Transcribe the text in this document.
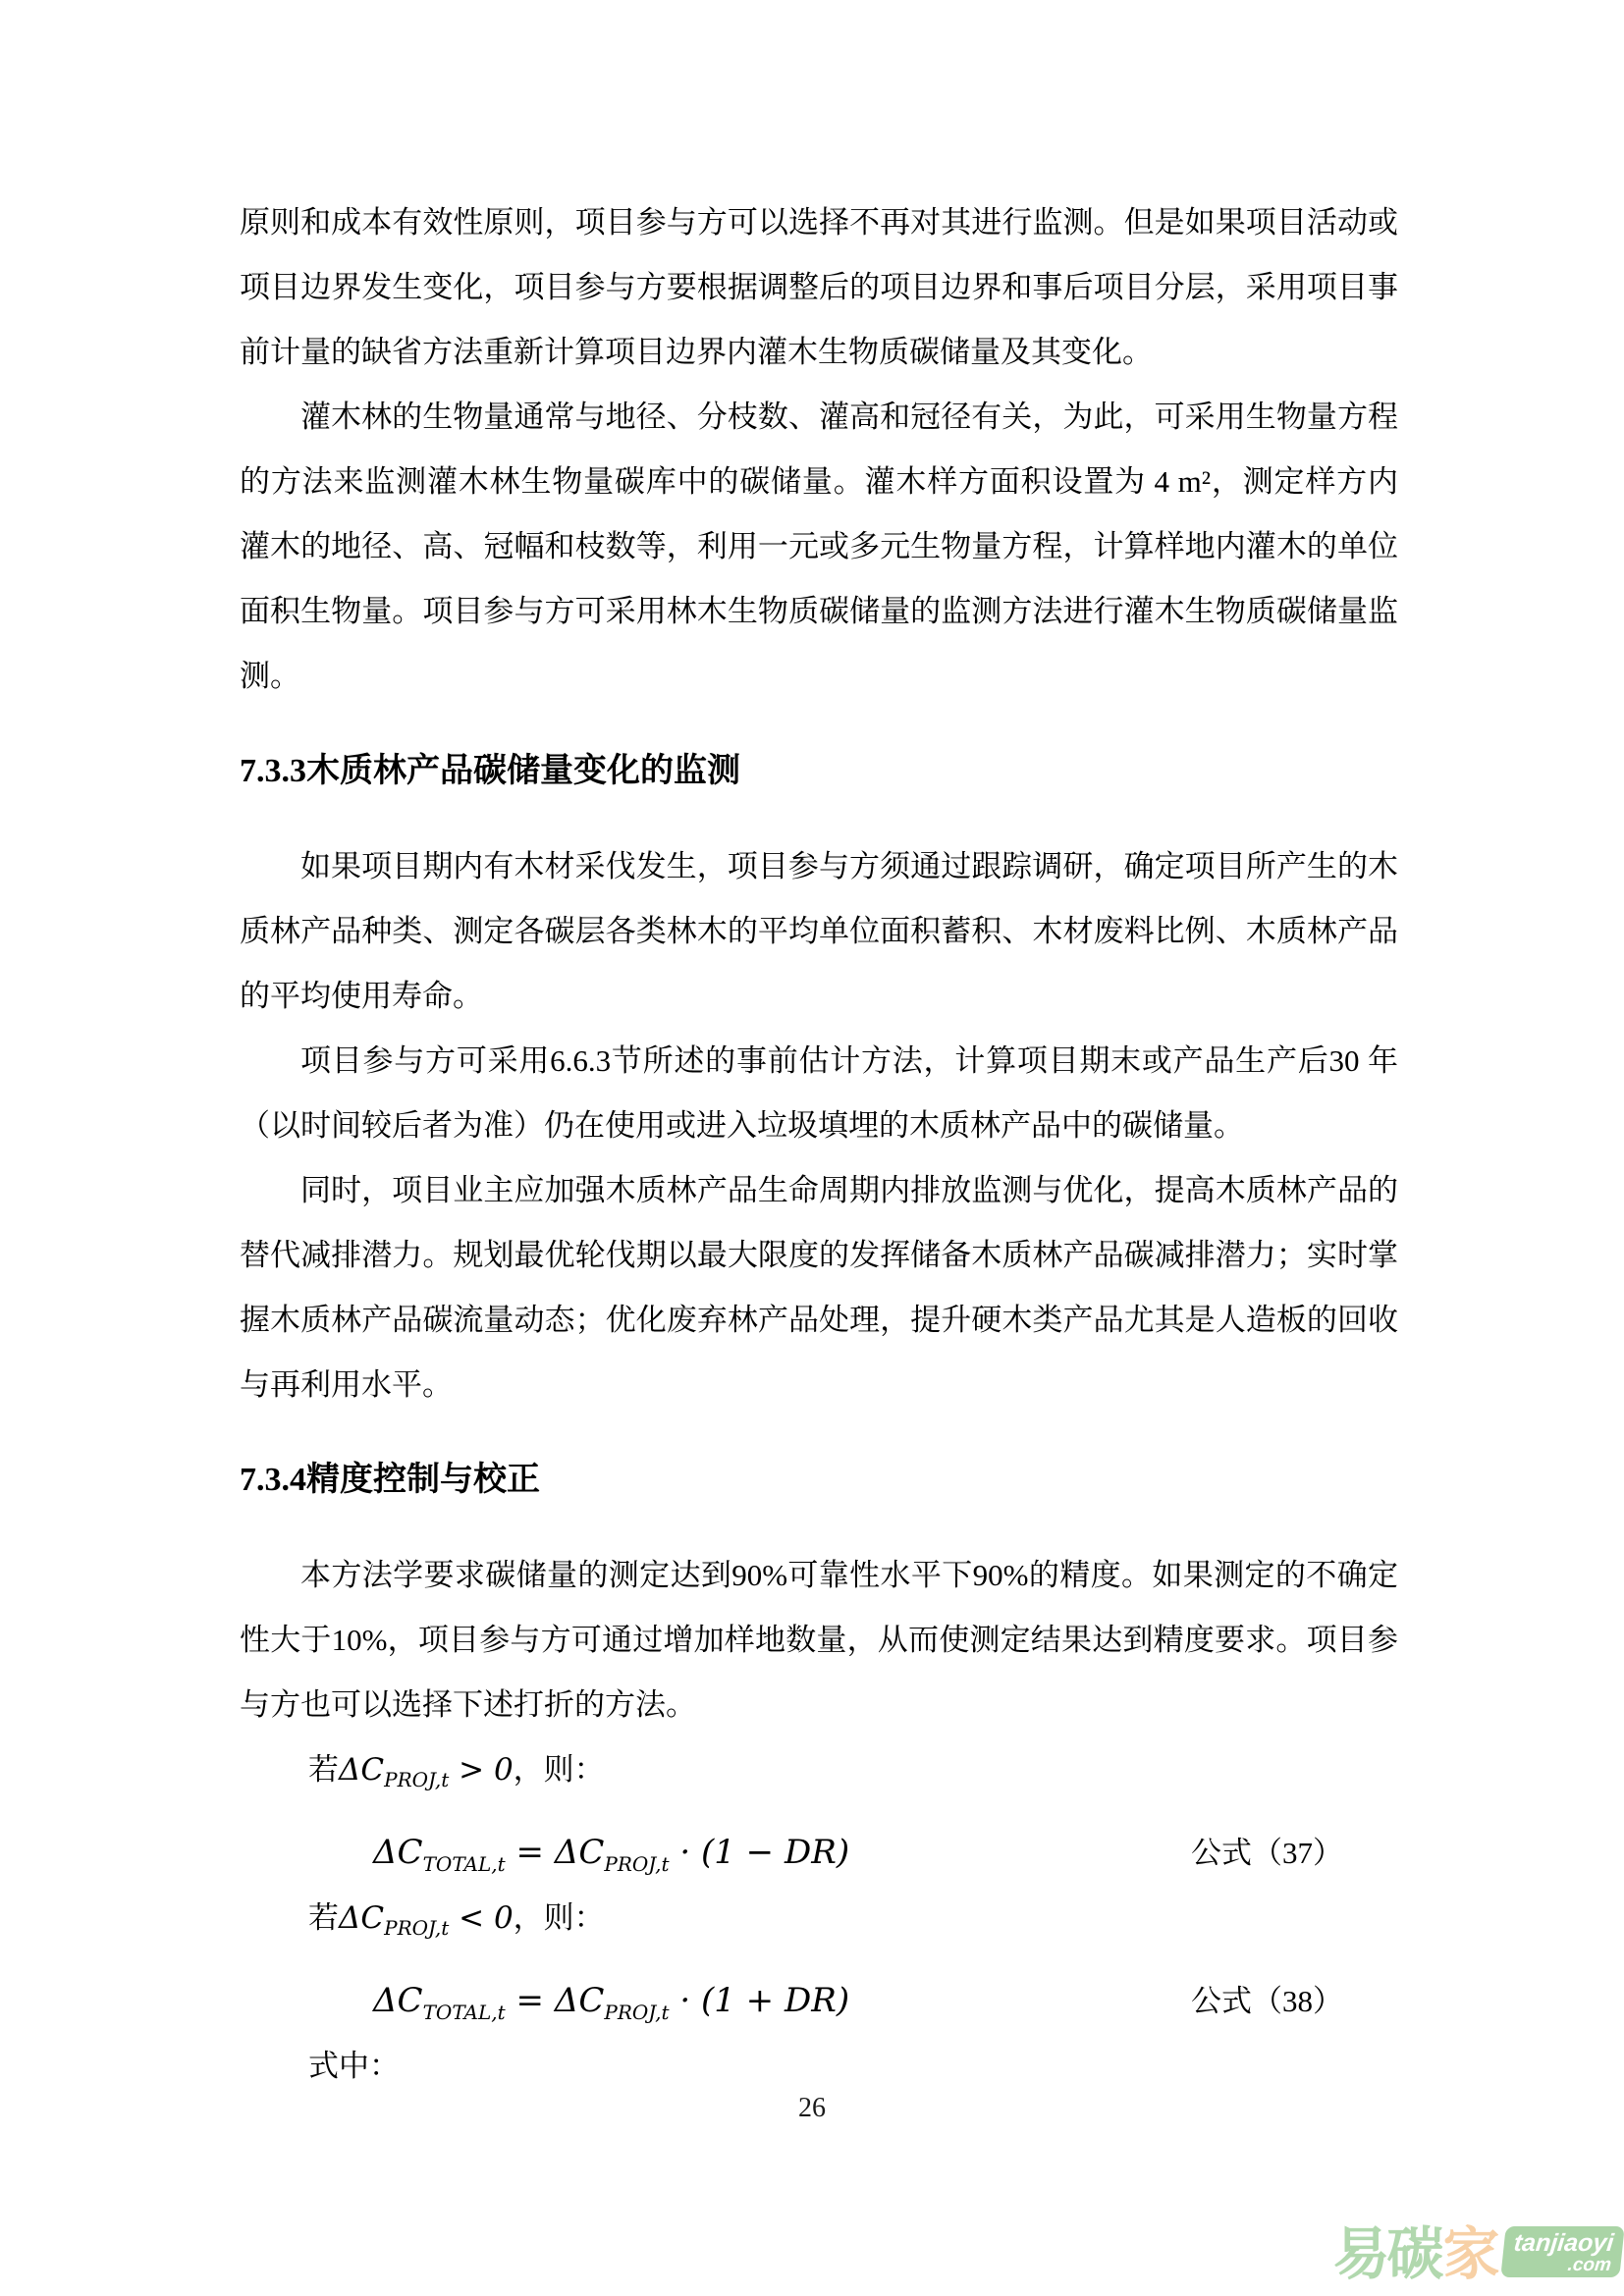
原则和成本有效性原则，项目参与方可以选择不再对其进行监测。但是如果项目活动或项目边界发生变化，项目参与方要根据调整后的项目边界和事后项目分层，采用项目事前计量的缺省方法重新计算项目边界内灌木生物质碳储量及其变化。

灌木林的生物量通常与地径、分枝数、灌高和冠径有关，为此，可采用生物量方程的方法来监测灌木林生物量碳库中的碳储量。灌木样方面积设置为 4 m²，测定样方内灌木的地径、高、冠幅和枝数等，利用一元或多元生物量方程，计算样地内灌木的单位面积生物量。项目参与方可采用林木生物质碳储量的监测方法进行灌木生物质碳储量监测。

7.3.3木质林产品碳储量变化的监测

如果项目期内有木材采伐发生，项目参与方须通过跟踪调研，确定项目所产生的木质林产品种类、测定各碳层各类林木的平均单位面积蓄积、木材废料比例、木质林产品的平均使用寿命。

项目参与方可采用6.6.3节所述的事前估计方法，计算项目期末或产品生产后30 年（以时间较后者为准）仍在使用或进入垃圾填埋的木质林产品中的碳储量。

同时，项目业主应加强木质林产品生命周期内排放监测与优化，提高木质林产品的替代减排潜力。规划最优轮伐期以最大限度的发挥储备木质林产品碳减排潜力；实时掌握木质林产品碳流量动态；优化废弃林产品处理，提升硬木类产品尤其是人造板的回收与再利用水平。

7.3.4精度控制与校正

本方法学要求碳储量的测定达到90%可靠性水平下90%的精度。如果测定的不确定性大于10%，项目参与方可通过增加样地数量，从而使测定结果达到精度要求。项目参与方也可以选择下述打折的方法。

若$\Delta C_{PROJ,t} > 0$，则：

$\Delta C_{TOTAL,t} = \Delta C_{PROJ,t} \cdot (1 - DR)$	公式（37）

若$\Delta C_{PROJ,t} < 0$，则：

$\Delta C_{TOTAL,t} = \Delta C_{PROJ,t} \cdot (1 + DR)$	公式（38）

式中：

26
易碳 家 tanjiaoyi
.com
